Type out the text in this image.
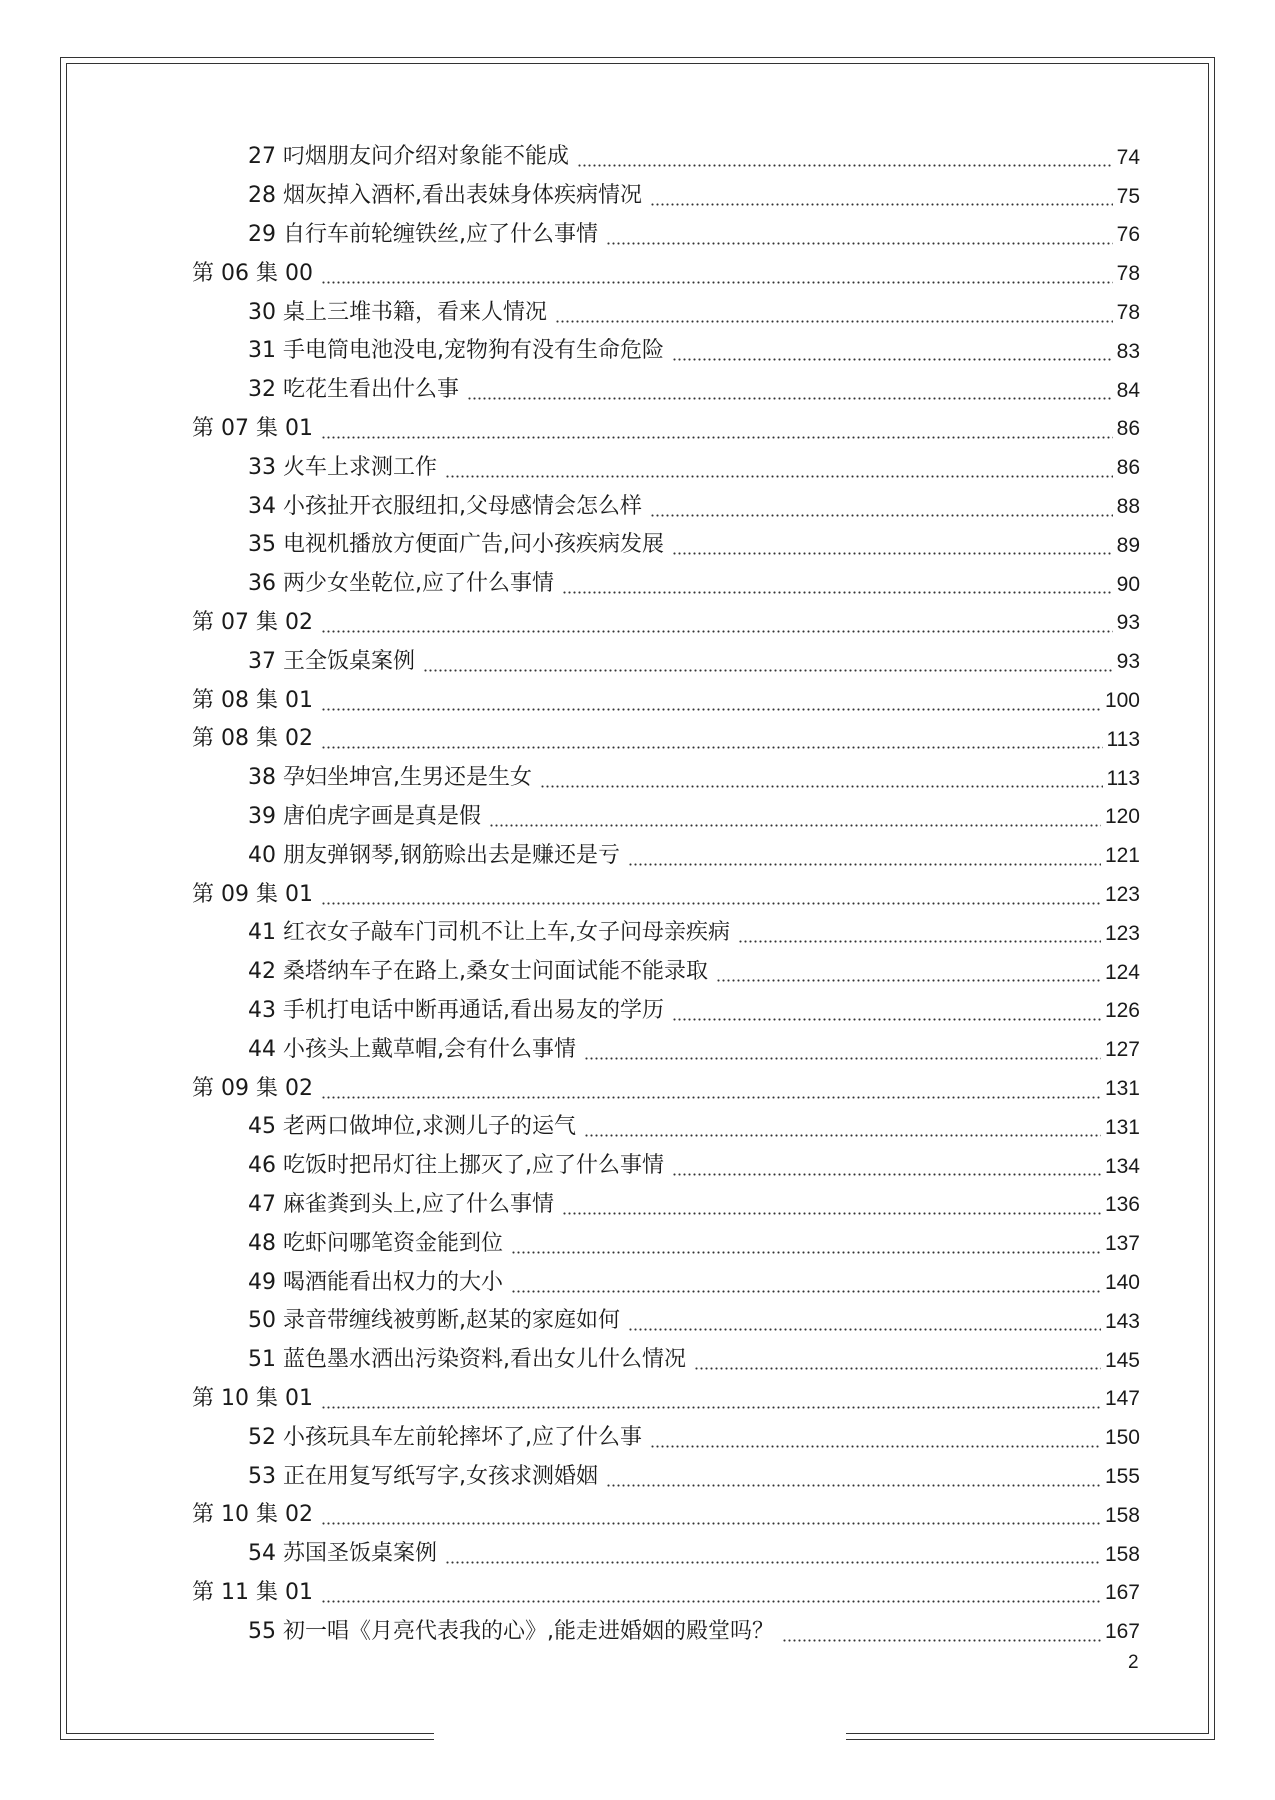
27 叼烟朋友问介绍对象能不能成	74
28 烟灰掉入酒杯,看出表妹身体疾病情况	75
29 自行车前轮缠铁丝,应了什么事情	76
第 06 集 00	78
30 桌上三堆书籍，看来人情况	78
31 手电筒电池没电,宠物狗有没有生命危险	83
32 吃花生看出什么事	84
第 07 集 01	86
33 火车上求测工作	86
34 小孩扯开衣服纽扣,父母感情会怎么样	88
35 电视机播放方便面广告,问小孩疾病发展	89
36 两少女坐乾位,应了什么事情	90
第 07 集 02	93
37 王全饭桌案例	93
第 08 集 01	100
第 08 集 02	113
38 孕妇坐坤宫,生男还是生女	113
39 唐伯虎字画是真是假	120
40 朋友弹钢琴,钢筋赊出去是赚还是亏	121
第 09 集 01	123
41 红衣女子敲车门司机不让上车,女子问母亲疾病	123
42 桑塔纳车子在路上,桑女士问面试能不能录取	124
43 手机打电话中断再通话,看出易友的学历	126
44 小孩头上戴草帽,会有什么事情	127
第 09 集 02	131
45 老两口做坤位,求测儿子的运气	131
46 吃饭时把吊灯往上挪灭了,应了什么事情	134
47 麻雀粪到头上,应了什么事情	136
48 吃虾问哪笔资金能到位	137
49 喝酒能看出权力的大小	140
50 录音带缠线被剪断,赵某的家庭如何	143
51 蓝色墨水洒出污染资料,看出女儿什么情况	145
第 10 集 01	147
52 小孩玩具车左前轮摔坏了,应了什么事	150
53 正在用复写纸写字,女孩求测婚姻	155
第 10 集 02	158
54 苏国圣饭桌案例	158
第 11 集 01	167
55 初一唱《月亮代表我的心》,能走进婚姻的殿堂吗？	167
2
